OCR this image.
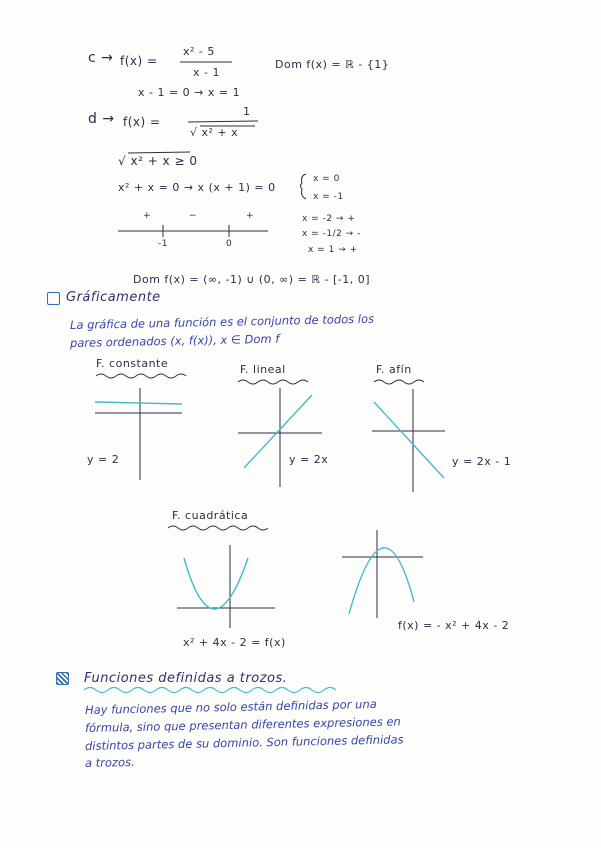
c → f(x) =
x² - 5
x - 1
Dom f(x) = ℝ - {1}
x - 1 = 0 → x = 1
d → f(x) =
1
√ x² + x
√ x² + x ≥ 0
x² + x = 0 → x (x + 1) = 0
x = 0
x = -1
+	−	+
-1	0
x = -2 → +
x = -1/2 → -
x = 1 → +
Dom f(x) = (∞, -1) ∪ (0, ∞) = ℝ - [-1, 0]
Gráficamente
La gráfica de una función es el conjunto de todos los
pares ordenados (x, f(x)), x ∈ Dom f
F. constante	F. lineal	F. afín
y = 2	y = 2x	y = 2x - 1
F. cuadrática
x² + 4x - 2 = f(x)
f(x) = - x² + 4x - 2
Funciones definidas a trozos.
Hay funciones que no solo están definidas por una
fórmula, sino que presentan diferentes expresiones en
distintos partes de su dominio. Son funciones definidas
a trozos.
